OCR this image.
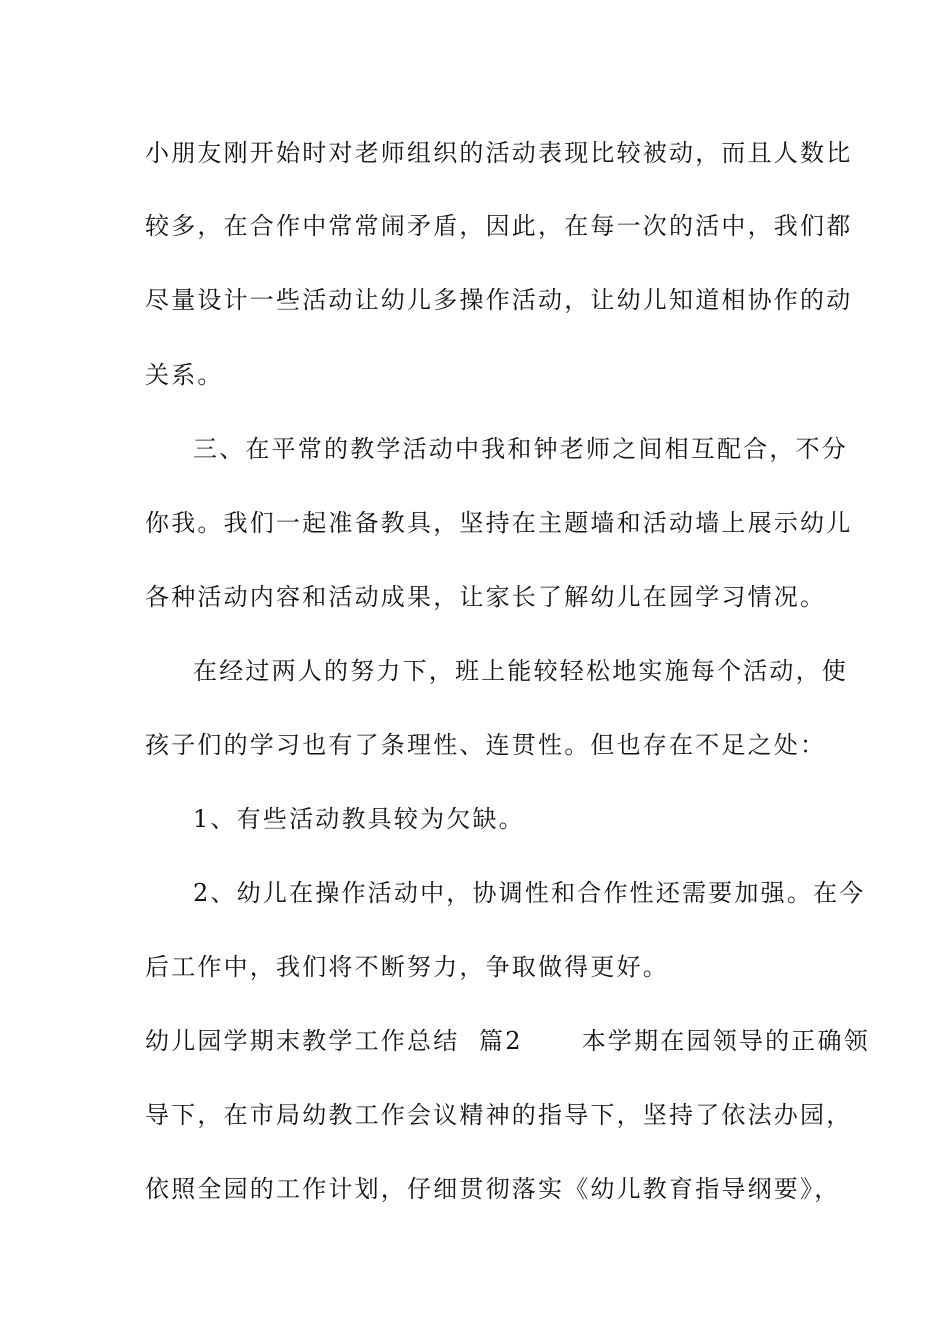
小朋友刚开始时对老师组织的活动表现比较被动，而且人数比
较多，在合作中常常闹矛盾，因此，在每一次的活中，我们都
尽量设计一些活动让幼儿多操作活动，让幼儿知道相协作的动
关系。
三、在平常的教学活动中我和钟老师之间相互配合，不分
你我。我们一起准备教具，坚持在主题墙和活动墙上展示幼儿
各种活动内容和活动成果，让家长了解幼儿在园学习情况。
在经过两人的努力下，班上能较轻松地实施每个活动，使
孩子们的学习也有了条理性、连贯性。但也存在不足之处：
1、有些活动教具较为欠缺。
2、幼儿在操作活动中，协调性和合作性还需要加强。在今
后工作中，我们将不断努力，争取做得更好。
幼儿园学期末教学工作总结  篇2      本学期在园领导的正确领
导下，在市局幼教工作会议精神的指导下，坚持了依法办园，
依照全园的工作计划，仔细贯彻落实《幼儿教育指导纲要》，
